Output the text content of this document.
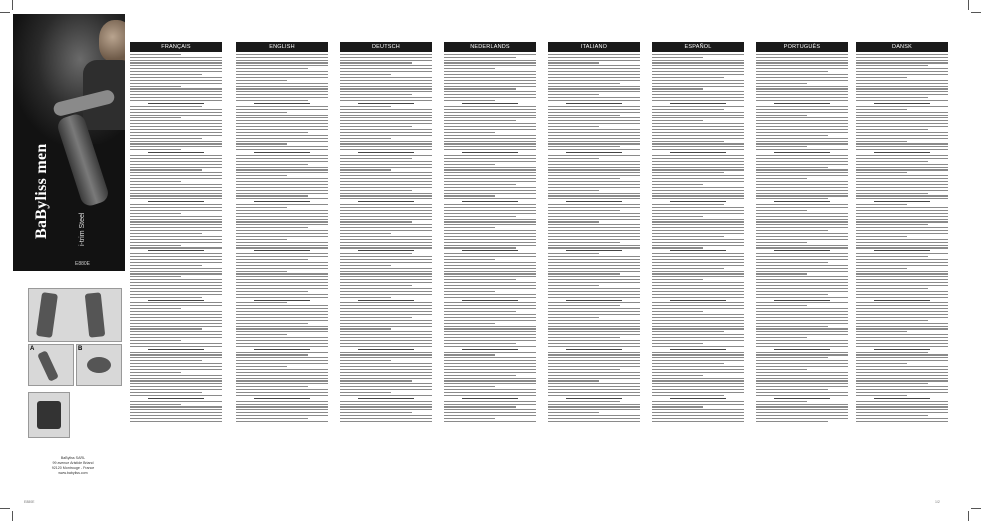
BaByliss men	i-trim Steel
E880E
A	B
BaByliss SARL
99 avenue Aristide Briand
92120 Montrouge - France
www.babyliss.com
FRANÇAIS	ENGLISH	DEUTSCH	NEDERLANDS	ITALIANO	ESPAÑOL	PORTUGUÊS	DANSK
E880E	1/2
